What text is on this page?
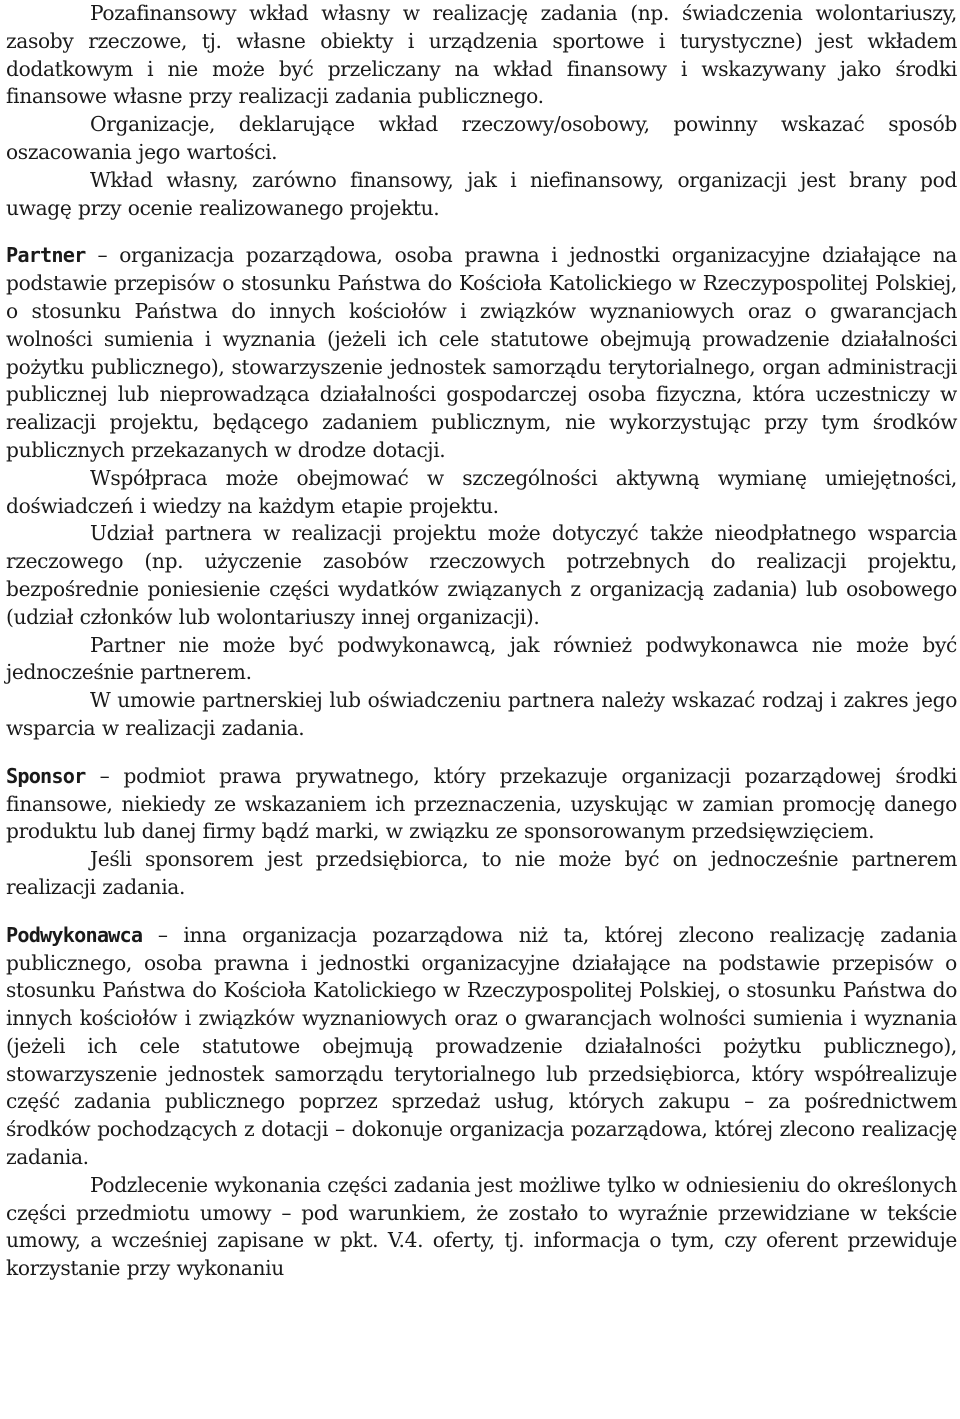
Pozafinansowy wkład własny w realizację zadania (np. świadczenia wolontariuszy, zasoby rzeczowe, tj. własne obiekty i urządzenia sportowe i turystyczne) jest wkładem dodatkowym i nie może być przeliczany na wkład finansowy i wskazywany jako środki finansowe własne przy realizacji zadania publicznego.

Organizacje, deklarujące wkład rzeczowy/osobowy, powinny wskazać sposób oszacowania jego wartości.

Wkład własny, zarówno finansowy, jak i niefinansowy, organizacji jest brany pod uwagę przy ocenie realizowanego projektu.

Partner – organizacja pozarządowa, osoba prawna i jednostki organizacyjne działające na podstawie przepisów o stosunku Państwa do Kościoła Katolickiego w Rzeczypospolitej Polskiej, o stosunku Państwa do innych kościołów i związków wyznaniowych oraz o gwarancjach wolności sumienia i wyznania (jeżeli ich cele statutowe obejmują prowadzenie działalności pożytku publicznego), stowarzyszenie jednostek samorządu terytorialnego, organ administracji publicznej lub nieprowadząca działalności gospodarczej osoba fizyczna, która uczestniczy w realizacji projektu, będącego zadaniem publicznym, nie wykorzystując przy tym środków publicznych przekazanych w drodze dotacji.

Współpraca może obejmować w szczególności aktywną wymianę umiejętności, doświadczeń i wiedzy na każdym etapie projektu.

Udział partnera w realizacji projektu może dotyczyć także nieodpłatnego wsparcia rzeczowego (np. użyczenie zasobów rzeczowych potrzebnych do realizacji projektu, bezpośrednie poniesienie części wydatków związanych z organizacją zadania) lub osobowego (udział członków lub wolontariuszy innej organizacji).

Partner nie może być podwykonawcą, jak również podwykonawca nie może być jednocześnie partnerem.

W umowie partnerskiej lub oświadczeniu partnera należy wskazać rodzaj i zakres jego wsparcia w realizacji zadania.

Sponsor – podmiot prawa prywatnego, który przekazuje organizacji pozarządowej środki finansowe, niekiedy ze wskazaniem ich przeznaczenia, uzyskując w zamian promocję danego produktu lub danej firmy bądź marki, w związku ze sponsorowanym przedsięwzięciem.

Jeśli sponsorem jest przedsiębiorca, to nie może być on jednocześnie partnerem realizacji zadania.

Podwykonawca – inna organizacja pozarządowa niż ta, której zlecono realizację zadania publicznego, osoba prawna i jednostki organizacyjne działające na podstawie przepisów o stosunku Państwa do Kościoła Katolickiego w Rzeczypospolitej Polskiej, o stosunku Państwa do innych kościołów i związków wyznaniowych oraz o gwarancjach wolności sumienia i wyznania (jeżeli ich cele statutowe obejmują prowadzenie działalności pożytku publicznego), stowarzyszenie jednostek samorządu terytorialnego lub przedsiębiorca, który współrealizuje część zadania publicznego poprzez sprzedaż usług, których zakupu – za pośrednictwem środków pochodzących z dotacji – dokonuje organizacja pozarządowa, której zlecono realizację zadania.

Podzlecenie wykonania części zadania jest możliwe tylko w odniesieniu do określonych części przedmiotu umowy – pod warunkiem, że zostało to wyraźnie przewidziane w tekście umowy, a wcześniej zapisane w pkt. V.4. oferty, tj. informacja o tym, czy oferent przewiduje korzystanie przy wykonaniu
